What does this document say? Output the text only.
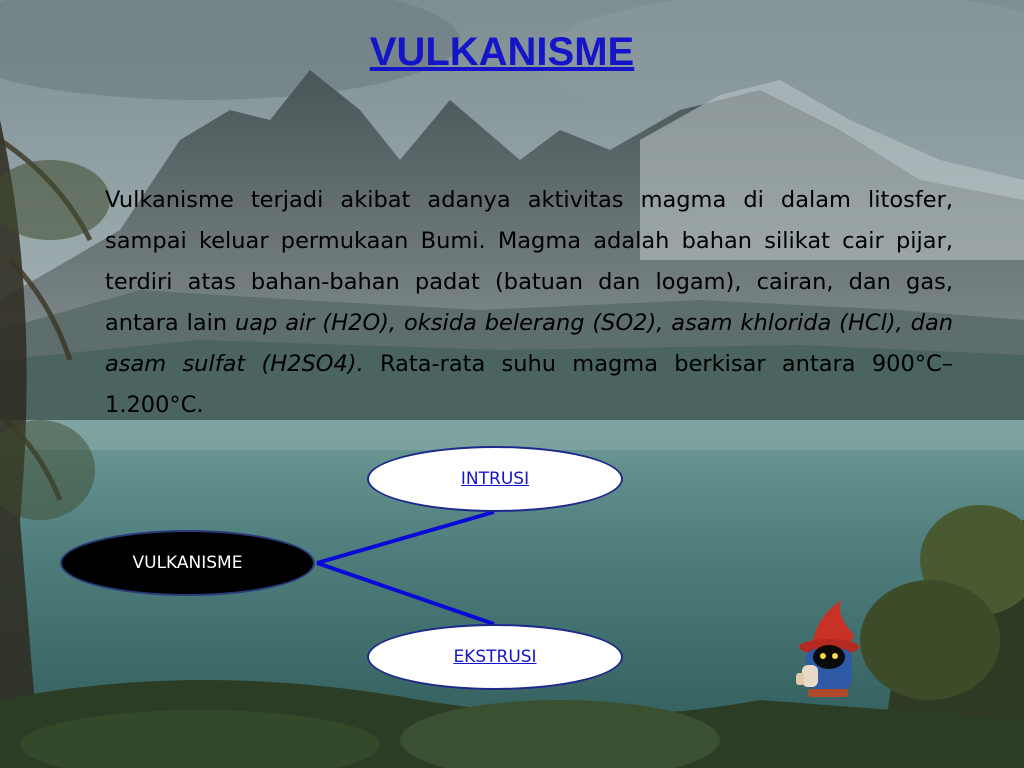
VULKANISME

Vulkanisme terjadi akibat adanya aktivitas magma di dalam litosfer, sampai keluar permukaan Bumi. Magma adalah bahan silikat cair pijar, terdiri atas bahan-bahan padat (batuan dan logam), cairan, dan gas, antara lain uap air (H2O), oksida belerang (SO2), asam khlorida (HCl), dan asam sulfat (H2SO4). Rata-rata suhu magma berkisar antara 900°C–1.200°C.

VULKANISME
INTRUSI
EKSTRUSI
